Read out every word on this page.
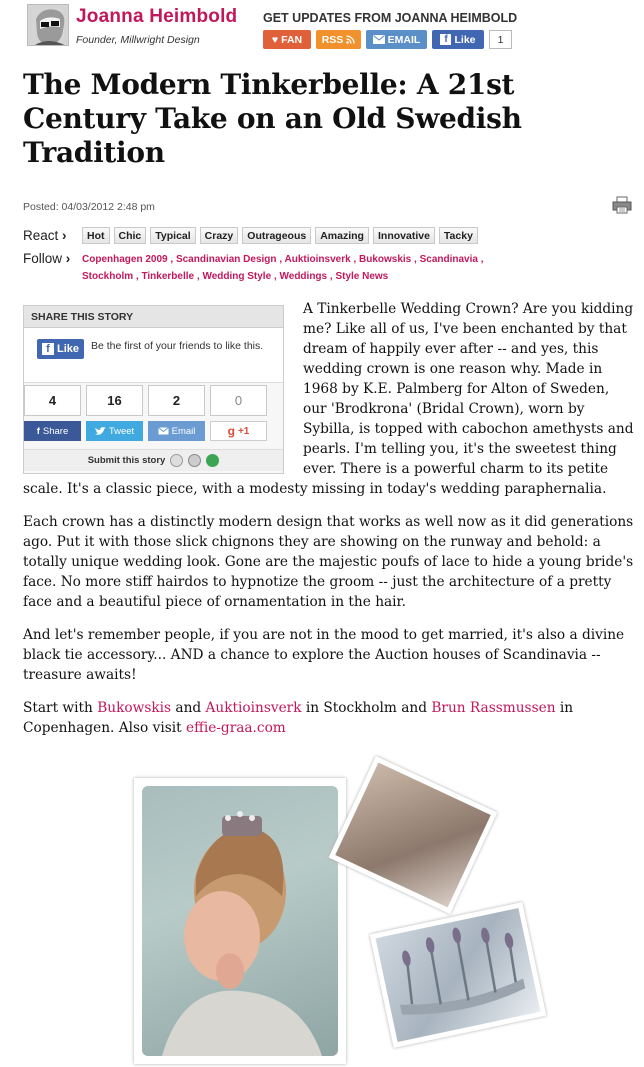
Joanna Heimbold
Founder, Millwright Design
GET UPDATES FROM JOANNA HEIMBOLD
♥ FAN RSS	EMAIL	f Like	1
The Modern Tinkerbelle: A 21st Century Take on an Old Swedish Tradition
Posted: 04/03/2012 2:48 pm
React ›	Hot	Chic	Typical	Crazy	Outrageous	Amazing	Innovative	Tacky
Follow › Copenhagen 2009 , Scandinavian Design , Auktioinsverk , Bukowskis , Scandinavia ,
Stockholm , Tinkerbelle , Wedding Style , Weddings , Style News

A Tinkerbelle Wedding Crown? Are you kidding me? Like all of us, I've been enchanted by that dream of happily ever after -- and yes, this wedding crown is one reason why. Made in 1968 by K.E. Palmberg for Alton of Sweden, our 'Brodkrona' (Bridal Crown), worn by Sybilla, is topped with cabochon amethysts and pearls. I'm telling you, it's the sweetest thing ever. There is a powerful charm to its petite scale. It's a classic piece, with a modesty missing in today's wedding paraphernalia.

Each crown has a distinctly modern design that works as well now as it did generations ago. Put it with those slick chignons they are showing on the runway and behold: a totally unique wedding look. Gone are the majestic poufs of lace to hide a young bride's face. No more stiff hairdos to hypnotize the groom -- just the architecture of a pretty face and a beautiful piece of ornamentation in the hair.

And let's remember people, if you are not in the mood to get married, it's also a divine black tie accessory... AND a chance to explore the Auction houses of Scandinavia -- treasure awaits!

Start with Bukowskis and Auktioinsverk in Stockholm and Brun Rassmussen in Copenhagen. Also visit effie-graa.com

SHARE THIS STORY
f Like Be the first of your friends to like this.
4	16	2	0
f Share	Tweet	Email	g +1
Submit this story
